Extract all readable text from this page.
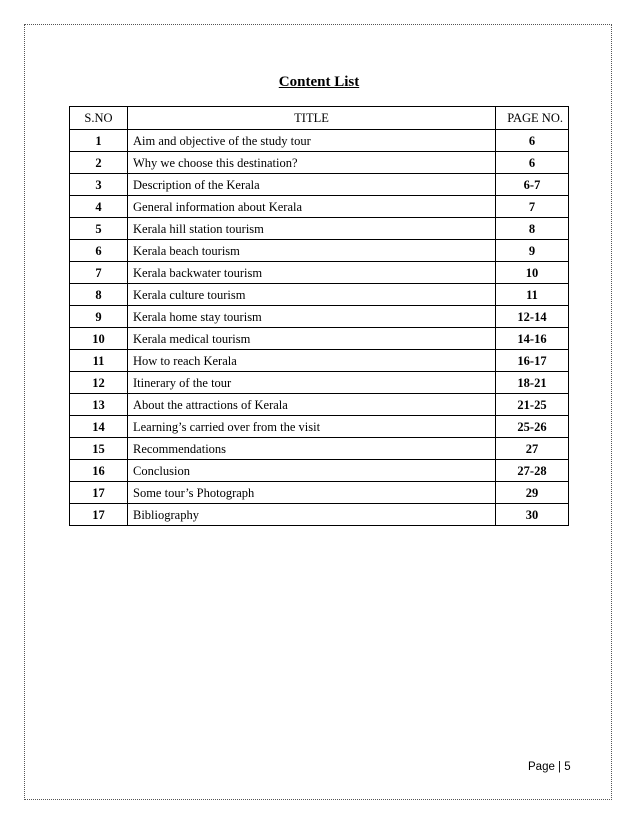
Content List
S.NO	TITLE	PAGE NO.
1	Aim and objective of the study tour	6
2	Why we choose this destination?	6
3	Description of the Kerala	6-7
4	General information about Kerala	7
5	Kerala hill station tourism	8
6	Kerala beach tourism	9
7	Kerala backwater tourism	10
8	Kerala culture tourism	11
9	Kerala home stay tourism	12-14
10	Kerala medical tourism	14-16
11	How to reach Kerala	16-17
12	Itinerary of the tour	18-21
13	About the attractions of Kerala	21-25
14	Learning’s carried over from the visit	25-26
15	Recommendations	27
16	Conclusion	27-28
17	Some tour’s Photograph	29
17	Bibliography	30
Page | 5
